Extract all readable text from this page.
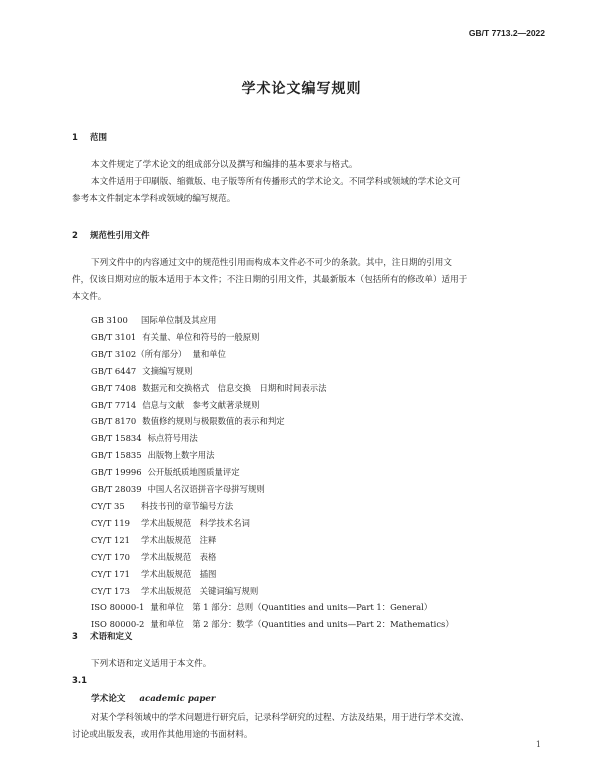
GB/T 7713.2—2022
学术论文编写规则
1 范围
本文件规定了学术论文的组成部分以及撰写和编排的基本要求与格式。
本文件适用于印刷版、缩微版、电子版等所有传播形式的学术论文。不同学科或领域的学术论文可
参考本文件制定本学科或领域的编写规范。
2 规范性引用文件
下列文件中的内容通过文中的规范性引用而构成本文件必不可少的条款。其中，注日期的引用文
件，仅该日期对应的版本适用于本文件；不注日期的引用文件，其最新版本（包括所有的修改单）适用于
本文件。
GB 3100 国际单位制及其应用
GB/T 3101 有关量、单位和符号的一般原则
GB/T 3102（所有部分） 量和单位
GB/T 6447 文摘编写规则
GB/T 7408 数据元和交换格式　信息交换　日期和时间表示法
GB/T 7714 信息与文献　参考文献著录规则
GB/T 8170 数值修约规则与极限数值的表示和判定
GB/T 15834 标点符号用法
GB/T 15835 出版物上数字用法
GB/T 19996 公开版纸质地图质量评定
GB/T 28039 中国人名汉语拼音字母拼写规则
CY/T 35 科技书刊的章节编号方法
CY/T 119 学术出版规范　科学技术名词
CY/T 121 学术出版规范　注释
CY/T 170 学术出版规范　表格
CY/T 171 学术出版规范　插图
CY/T 173 学术出版规范　关键词编写规则
ISO 80000-1 量和单位　第 1 部分：总则（Quantities and units—Part 1：General）
ISO 80000-2 量和单位　第 2 部分：数学（Quantities and units—Part 2：Mathematics）
3 术语和定义
下列术语和定义适用于本文件。
3.1
学术论文 academic paper
对某个学科领域中的学术问题进行研究后，记录科学研究的过程、方法及结果，用于进行学术交流、
讨论或出版发表，或用作其他用途的书面材料。
1
